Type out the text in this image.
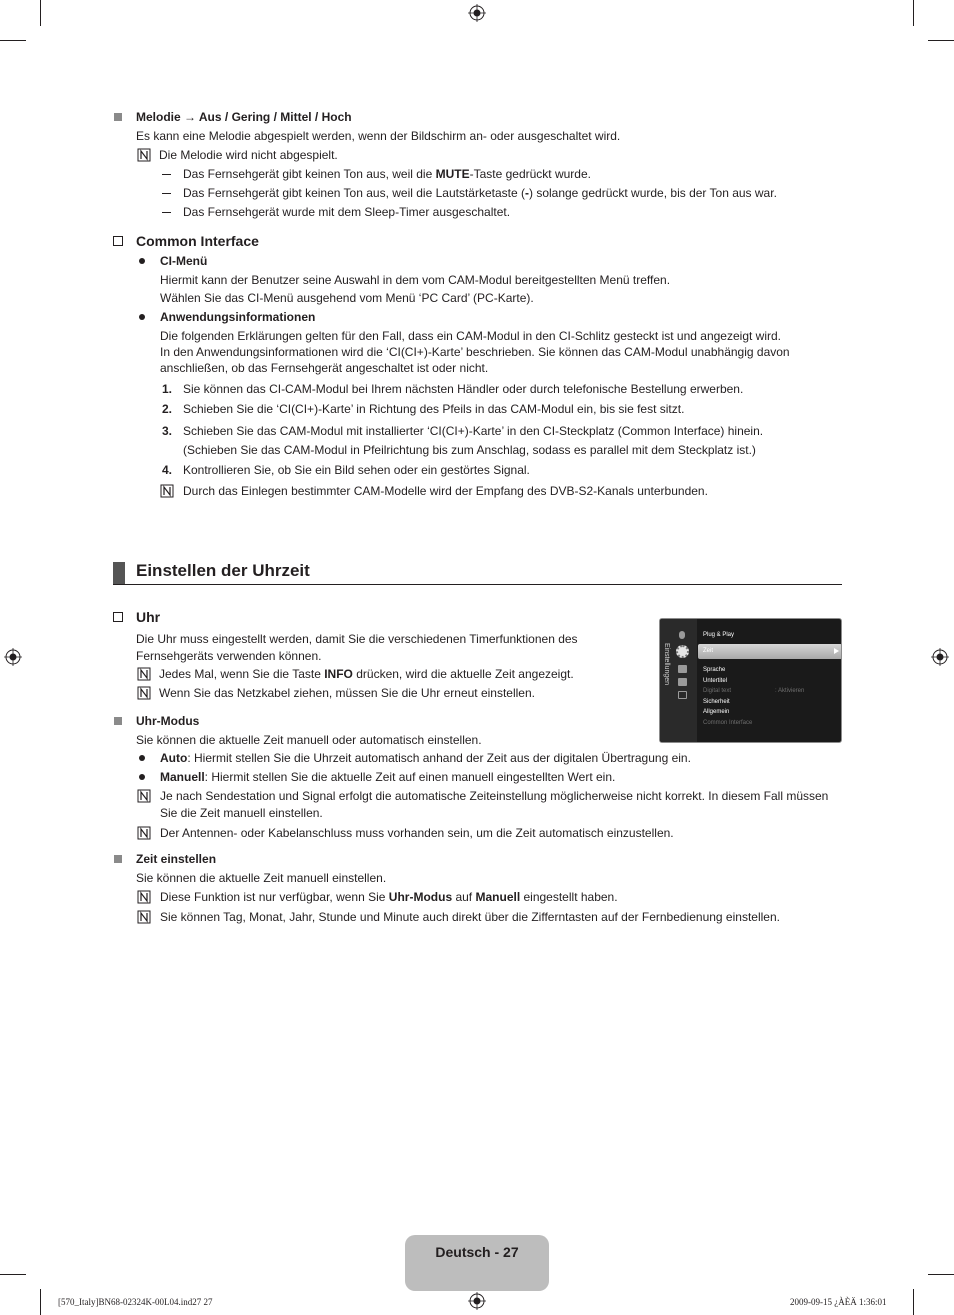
Melodie → Aus / Gering / Mittel / Hoch
Es kann eine Melodie abgespielt werden, wenn der Bildschirm an- oder ausgeschaltet wird.
Die Melodie wird nicht abgespielt.
Das Fernsehgerät gibt keinen Ton aus, weil die MUTE-Taste gedrückt wurde.
Das Fernsehgerät gibt keinen Ton aus, weil die Lautstärketaste (-) solange gedrückt wurde, bis der Ton aus war.
Das Fernsehgerät wurde mit dem Sleep-Timer ausgeschaltet.
Common Interface
CI-Menü
Hiermit kann der Benutzer seine Auswahl in dem vom CAM-Modul bereitgestellten Menü treffen.
Wählen Sie das CI-Menü ausgehend vom Menü ‘PC Card’ (PC-Karte).
Anwendungsinformationen
Die folgenden Erklärungen gelten für den Fall, dass ein CAM-Modul in den CI-Schlitz gesteckt ist und angezeigt wird.
In den Anwendungsinformationen wird die ‘CI(CI+)-Karte’ beschrieben. Sie können das CAM-Modul unabhängig davon
anschließen, ob das Fernsehgerät angeschaltet ist oder nicht.
1. Sie können das CI-CAM-Modul bei Ihrem nächsten Händler oder durch telefonische Bestellung erwerben.
2. Schieben Sie die ‘CI(CI+)-Karte’ in Richtung des Pfeils in das CAM-Modul ein, bis sie fest sitzt.
3. Schieben Sie das CAM-Modul mit installierter ‘CI(CI+)-Karte’ in den CI-Steckplatz (Common Interface) hinein.
(Schieben Sie das CAM-Modul in Pfeilrichtung bis zum Anschlag, sodass es parallel mit dem Steckplatz ist.)
4. Kontrollieren Sie, ob Sie ein Bild sehen oder ein gestörtes Signal.
Durch das Einlegen bestimmter CAM-Modelle wird der Empfang des DVB-S2-Kanals unterbunden.
Einstellen der Uhrzeit
Uhr
Die Uhr muss eingestellt werden, damit Sie die verschiedenen Timerfunktionen des
Fernsehgeräts verwenden können.
Jedes Mal, wenn Sie die Taste INFO drücken, wird die aktuelle Zeit angezeigt.
Wenn Sie das Netzkabel ziehen, müssen Sie die Uhr erneut einstellen.
Einstellungen
Plug & Play
Zeit
Sprache
Untertitel
Digital text	: Aktivieren
Sicherheit
Allgemein
Common Interface
Uhr-Modus
Sie können die aktuelle Zeit manuell oder automatisch einstellen.
Auto: Hiermit stellen Sie die Uhrzeit automatisch anhand der Zeit aus der digitalen Übertragung ein.
Manuell: Hiermit stellen Sie die aktuelle Zeit auf einen manuell eingestellten Wert ein.
Je nach Sendestation und Signal erfolgt die automatische Zeiteinstellung möglicherweise nicht korrekt. In diesem Fall müssen
Sie die Zeit manuell einstellen.
Der Antennen- oder Kabelanschluss muss vorhanden sein, um die Zeit automatisch einzustellen.
Zeit einstellen
Sie können die aktuelle Zeit manuell einstellen.
Diese Funktion ist nur verfügbar, wenn Sie Uhr-Modus auf Manuell eingestellt haben.
Sie können Tag, Monat, Jahr, Stunde und Minute auch direkt über die Zifferntasten auf der Fernbedienung einstellen.
Deutsch - 27
[570_Italy]BN68-02324K-00L04.ind27 27	2009-09-15 ¿ÀÈÄ 1:36:01
